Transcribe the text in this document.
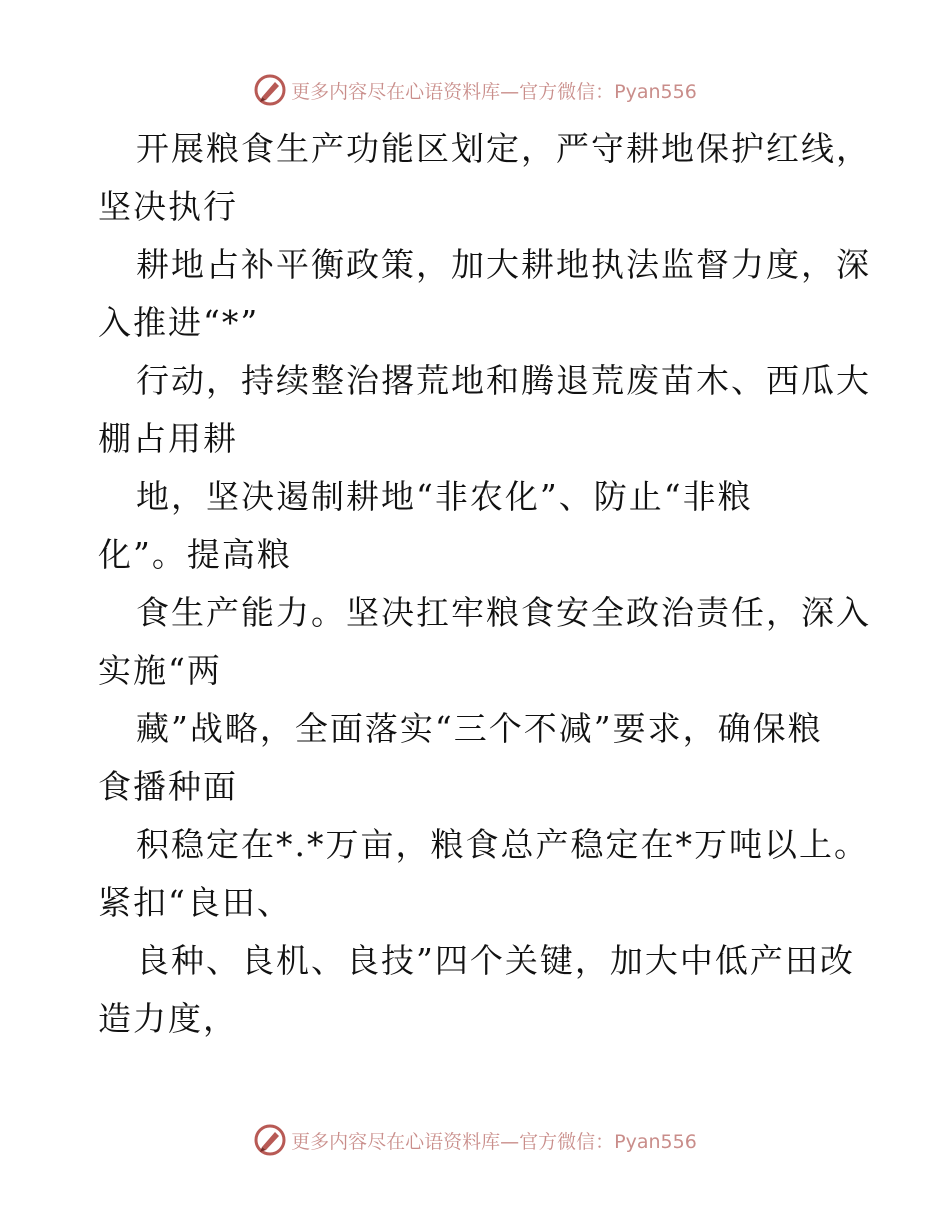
更多内容尽在心语资料库—官方微信：Pyan556
开展粮食生产功能区划定，严守耕地保护红线，
坚决执行
耕地占补平衡政策，加大耕地执法监督力度，深
入推进“*”
行动，持续整治撂荒地和腾退荒废苗木、西瓜大
棚占用耕
地，坚决遏制耕地“非农化”、防止“非粮
化”。提高粮
食生产能力。坚决扛牢粮食安全政治责任，深入
实施“两
藏”战略，全面落实“三个不减”要求，确保粮
食播种面
积稳定在*.*万亩，粮食总产稳定在*万吨以上。
紧扣“良田、
良种、良机、良技”四个关键，加大中低产田改
造力度，
更多内容尽在心语资料库—官方微信：Pyan556
